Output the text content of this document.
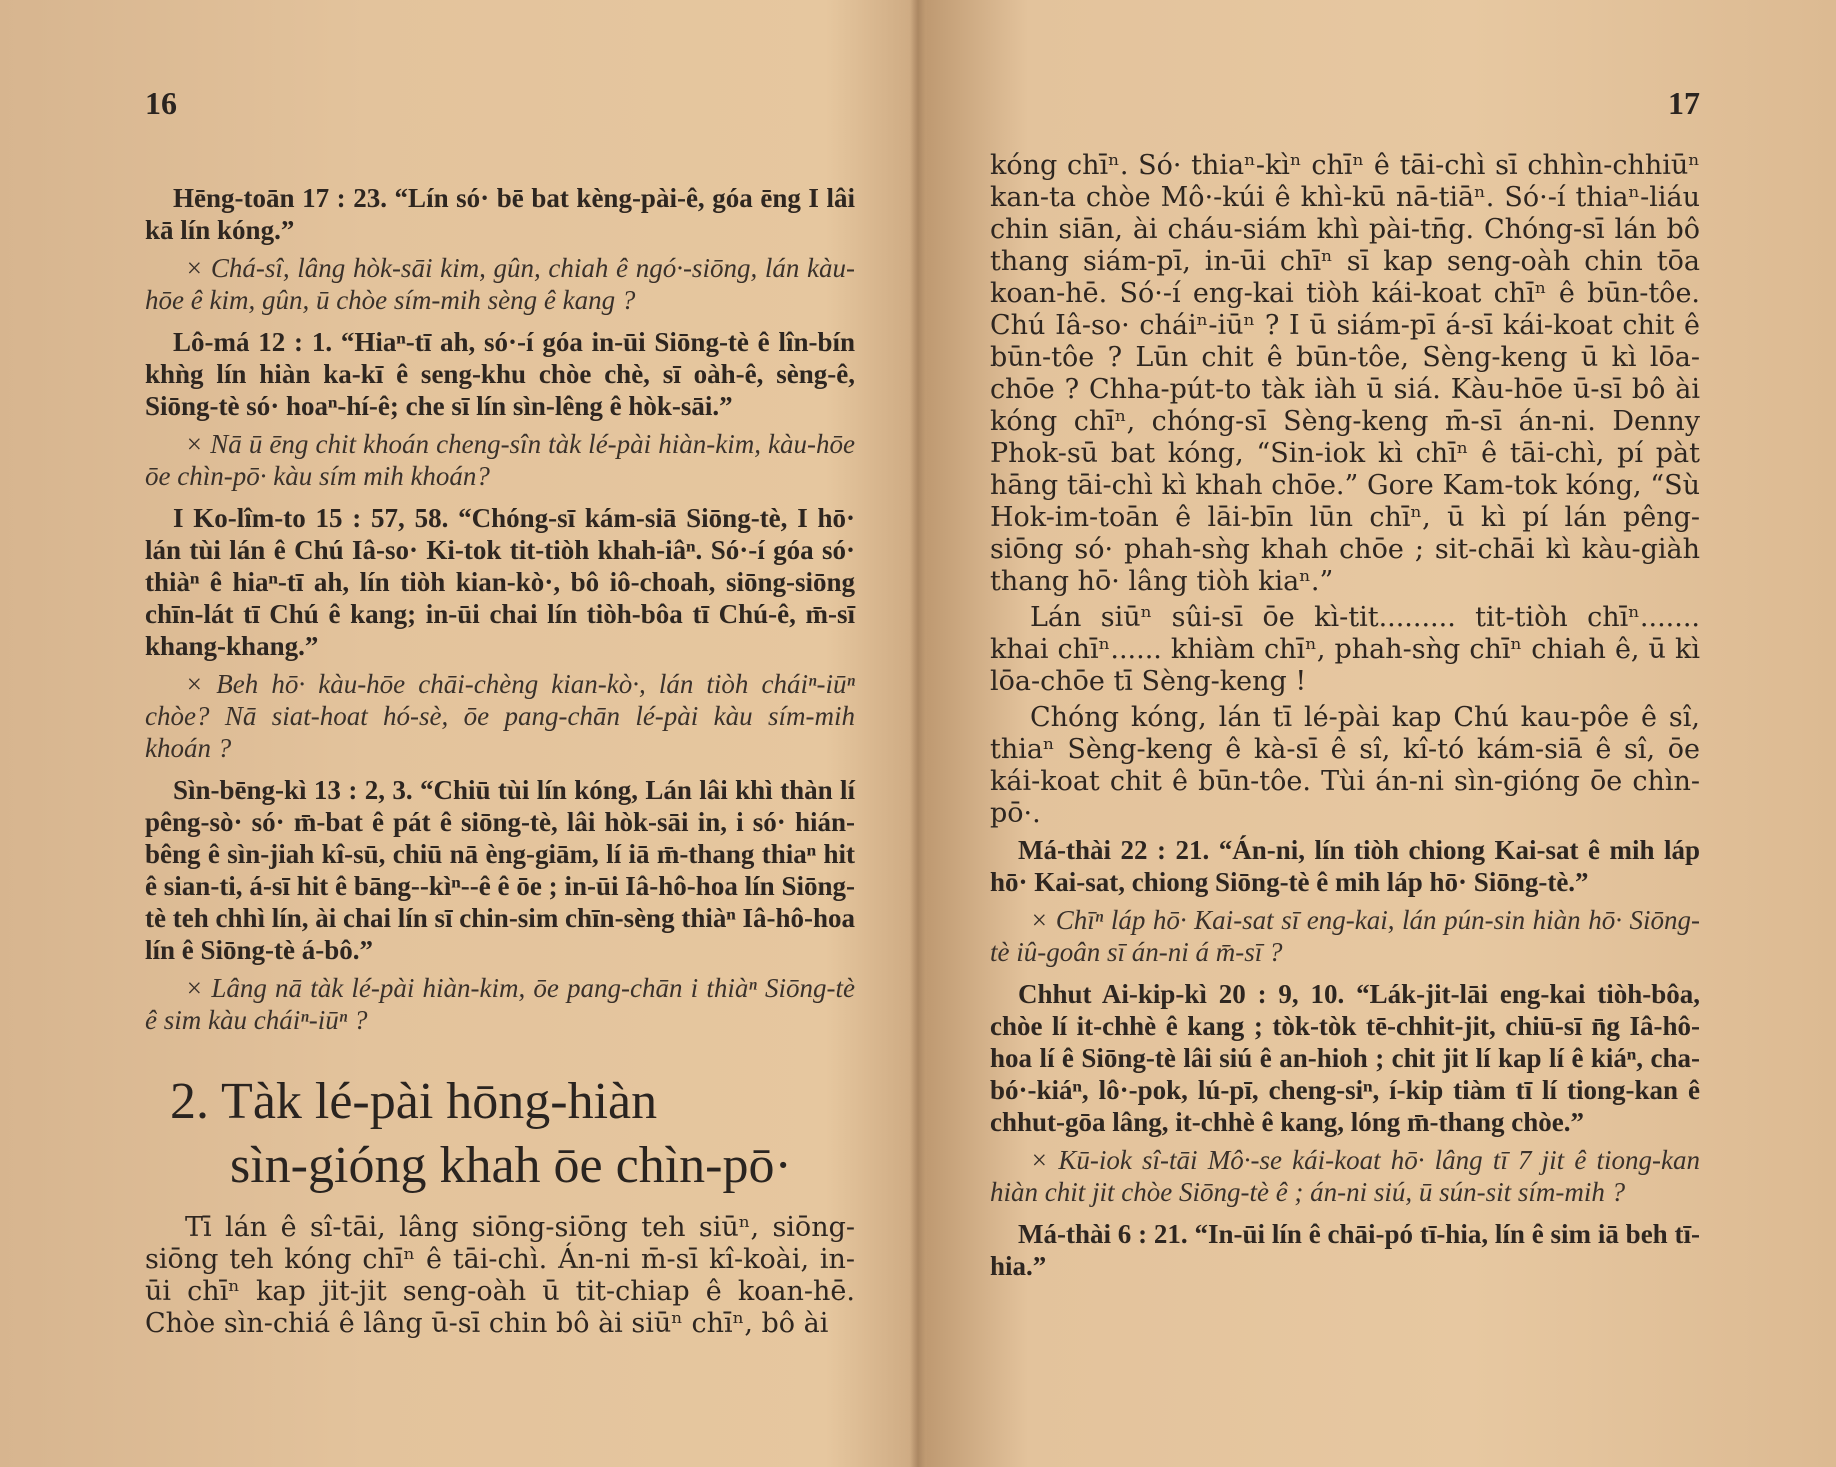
16

Hēng-toān 17 : 23. “Lín só· bē bat kèng-pài-ê, góa ēng I lâi kā lín kóng.”

× Chá-sî, lâng hòk-sāi kim, gûn, chiah ê ngó·-siōng, lán kàu-hōe ê kim, gûn, ū chòe sím-mih sèng ê kang ?

Lô-má 12 : 1. “Hiaⁿ-tī ah, só·-í góa in-ūi Siōng-tè ê lîn-bín khǹg lín hiàn ka-kī ê seng-khu chòe chè, sī oàh-ê, sèng-ê, Siōng-tè só· hoaⁿ-hí-ê; che sī lín sìn-lêng ê hòk-sāi.”

× Nā ū ēng chit khoán cheng-sîn tàk lé-pài hiàn-kim, kàu-hōe ōe chìn-pō· kàu sím mih khoán?

I Ko-lîm-to 15 : 57, 58. “Chóng-sī kám-siā Siōng-tè, I hō· lán tùi lán ê Chú Iâ-so· Ki-tok tit-tiòh khah-iâⁿ. Só·-í góa só· thiàⁿ ê hiaⁿ-tī ah, lín tiòh kian-kò·, bô iô-choah, siōng-siōng chīn-lát tī Chú ê kang; in-ūi chai lín tiòh-bôa tī Chú-ê, m̄-sī khang-khang.”

× Beh hō· kàu-hōe chāi-chèng kian-kò·, lán tiòh cháiⁿ-iūⁿ chòe? Nā siat-hoat hó-sè, ōe pang-chān lé-pài kàu sím-mih khoán ?

Sìn-bēng-kì 13 : 2, 3. “Chiū tùi lín kóng, Lán lâi khì thàn lí pêng-sò· só· m̄-bat ê pát ê siōng-tè, lâi hòk-sāi in, i só· hián-bêng ê sìn-jiah kî-sū, chiū nā èng-giām, lí iā m̄-thang thiaⁿ hit ê sian-ti, á-sī hit ê bāng--kìⁿ--ê ê ōe ; in-ūi Iâ-hô-hoa lín Siōng-tè teh chhì lín, ài chai lín sī chin-sim chīn-sèng thiàⁿ Iâ-hô-hoa lín ê Siōng-tè á-bô.”

× Lâng nā tàk lé-pài hiàn-kim, ōe pang-chān i thiàⁿ Siōng-tè ê sim kàu cháiⁿ-iūⁿ ?

2. Tàk lé-pài hōng-hiàn
sìn-gióng khah ōe chìn-pō·

Tī lán ê sî-tāi, lâng siōng-siōng teh siūⁿ, siōng-siōng teh kóng chīⁿ ê tāi-chì. Án-ni m̄-sī kî-koài, in-ūi chīⁿ kap jit-jit seng-oàh ū tit-chiap ê koan-hē. Chòe sìn-chiá ê lâng ū-sī chin bô ài siūⁿ chīⁿ, bô ài

17

kóng chīⁿ. Só· thiaⁿ-kìⁿ chīⁿ ê tāi-chì sī chhìn-chhiūⁿ kan-ta chòe Mô·-kúi ê khì-kū nā-tiāⁿ. Só·-í thiaⁿ-liáu chin siān, ài cháu-siám khì pài-tn̄g. Chóng-sī lán bô thang siám-pī, in-ūi chīⁿ sī kap seng-oàh chin tōa koan-hē. Só·-í eng-kai tiòh kái-koat chīⁿ ê būn-tôe. Chú Iâ-so· cháiⁿ-iūⁿ ? I ū siám-pī á-sī kái-koat chit ê būn-tôe ? Lūn chit ê būn-tôe, Sèng-keng ū kì lōa-chōe ? Chha-pút-to tàk iàh ū siá. Kàu-hōe ū-sī bô ài kóng chīⁿ, chóng-sī Sèng-keng m̄-sī án-ni. Denny Phok-sū bat kóng, “Sin-iok kì chīⁿ ê tāi-chì, pí pàt hāng tāi-chì kì khah chōe.” Gore Kam-tok kóng, “Sù Hok-im-toān ê lāi-bīn lūn chīⁿ, ū kì pí lán pêng-siōng só· phah-sǹg khah chōe ; sit-chāi kì kàu-giàh thang hō· lâng tiòh kiaⁿ.”

Lán siūⁿ sûi-sī ōe kì-tit......... tit-tiòh chīⁿ....... khai chīⁿ...... khiàm chīⁿ, phah-sǹg chīⁿ chiah ê, ū kì lōa-chōe tī Sèng-keng !

Chóng kóng, lán tī lé-pài kap Chú kau-pôe ê sî, thiaⁿ Sèng-keng ê kà-sī ê sî, kî-tó kám-siā ê sî, ōe kái-koat chit ê būn-tôe. Tùi án-ni sìn-gióng ōe chìn-pō·.

Má-thài 22 : 21. “Án-ni, lín tiòh chiong Kai-sat ê mih láp hō· Kai-sat, chiong Siōng-tè ê mih láp hō· Siōng-tè.”

× Chīⁿ láp hō· Kai-sat sī eng-kai, lán pún-sin hiàn hō· Siōng-tè iû-goân sī án-ni á m̄-sī ?

Chhut Ai-kip-kì 20 : 9, 10. “Lák-jit-lāi eng-kai tiòh-bôa, chòe lí it-chhè ê kang ; tòk-tòk tē-chhit-jit, chiū-sī n̄g Iâ-hô-hoa lí ê Siōng-tè lâi siú ê an-hioh ; chit jit lí kap lí ê kiáⁿ, cha-bó·-kiáⁿ, lô·-pok, lú-pī, cheng-siⁿ, í-kip tiàm tī lí tiong-kan ê chhut-gōa lâng, it-chhè ê kang, lóng m̄-thang chòe.”

× Kū-iok sî-tāi Mô·-se kái-koat hō· lâng tī 7 jit ê tiong-kan hiàn chit jit chòe Siōng-tè ê ; án-ni siú, ū sún-sit sím-mih ?

Má-thài 6 : 21. “In-ūi lín ê chāi-pó tī-hia, lín ê sim iā beh tī-hia.”
